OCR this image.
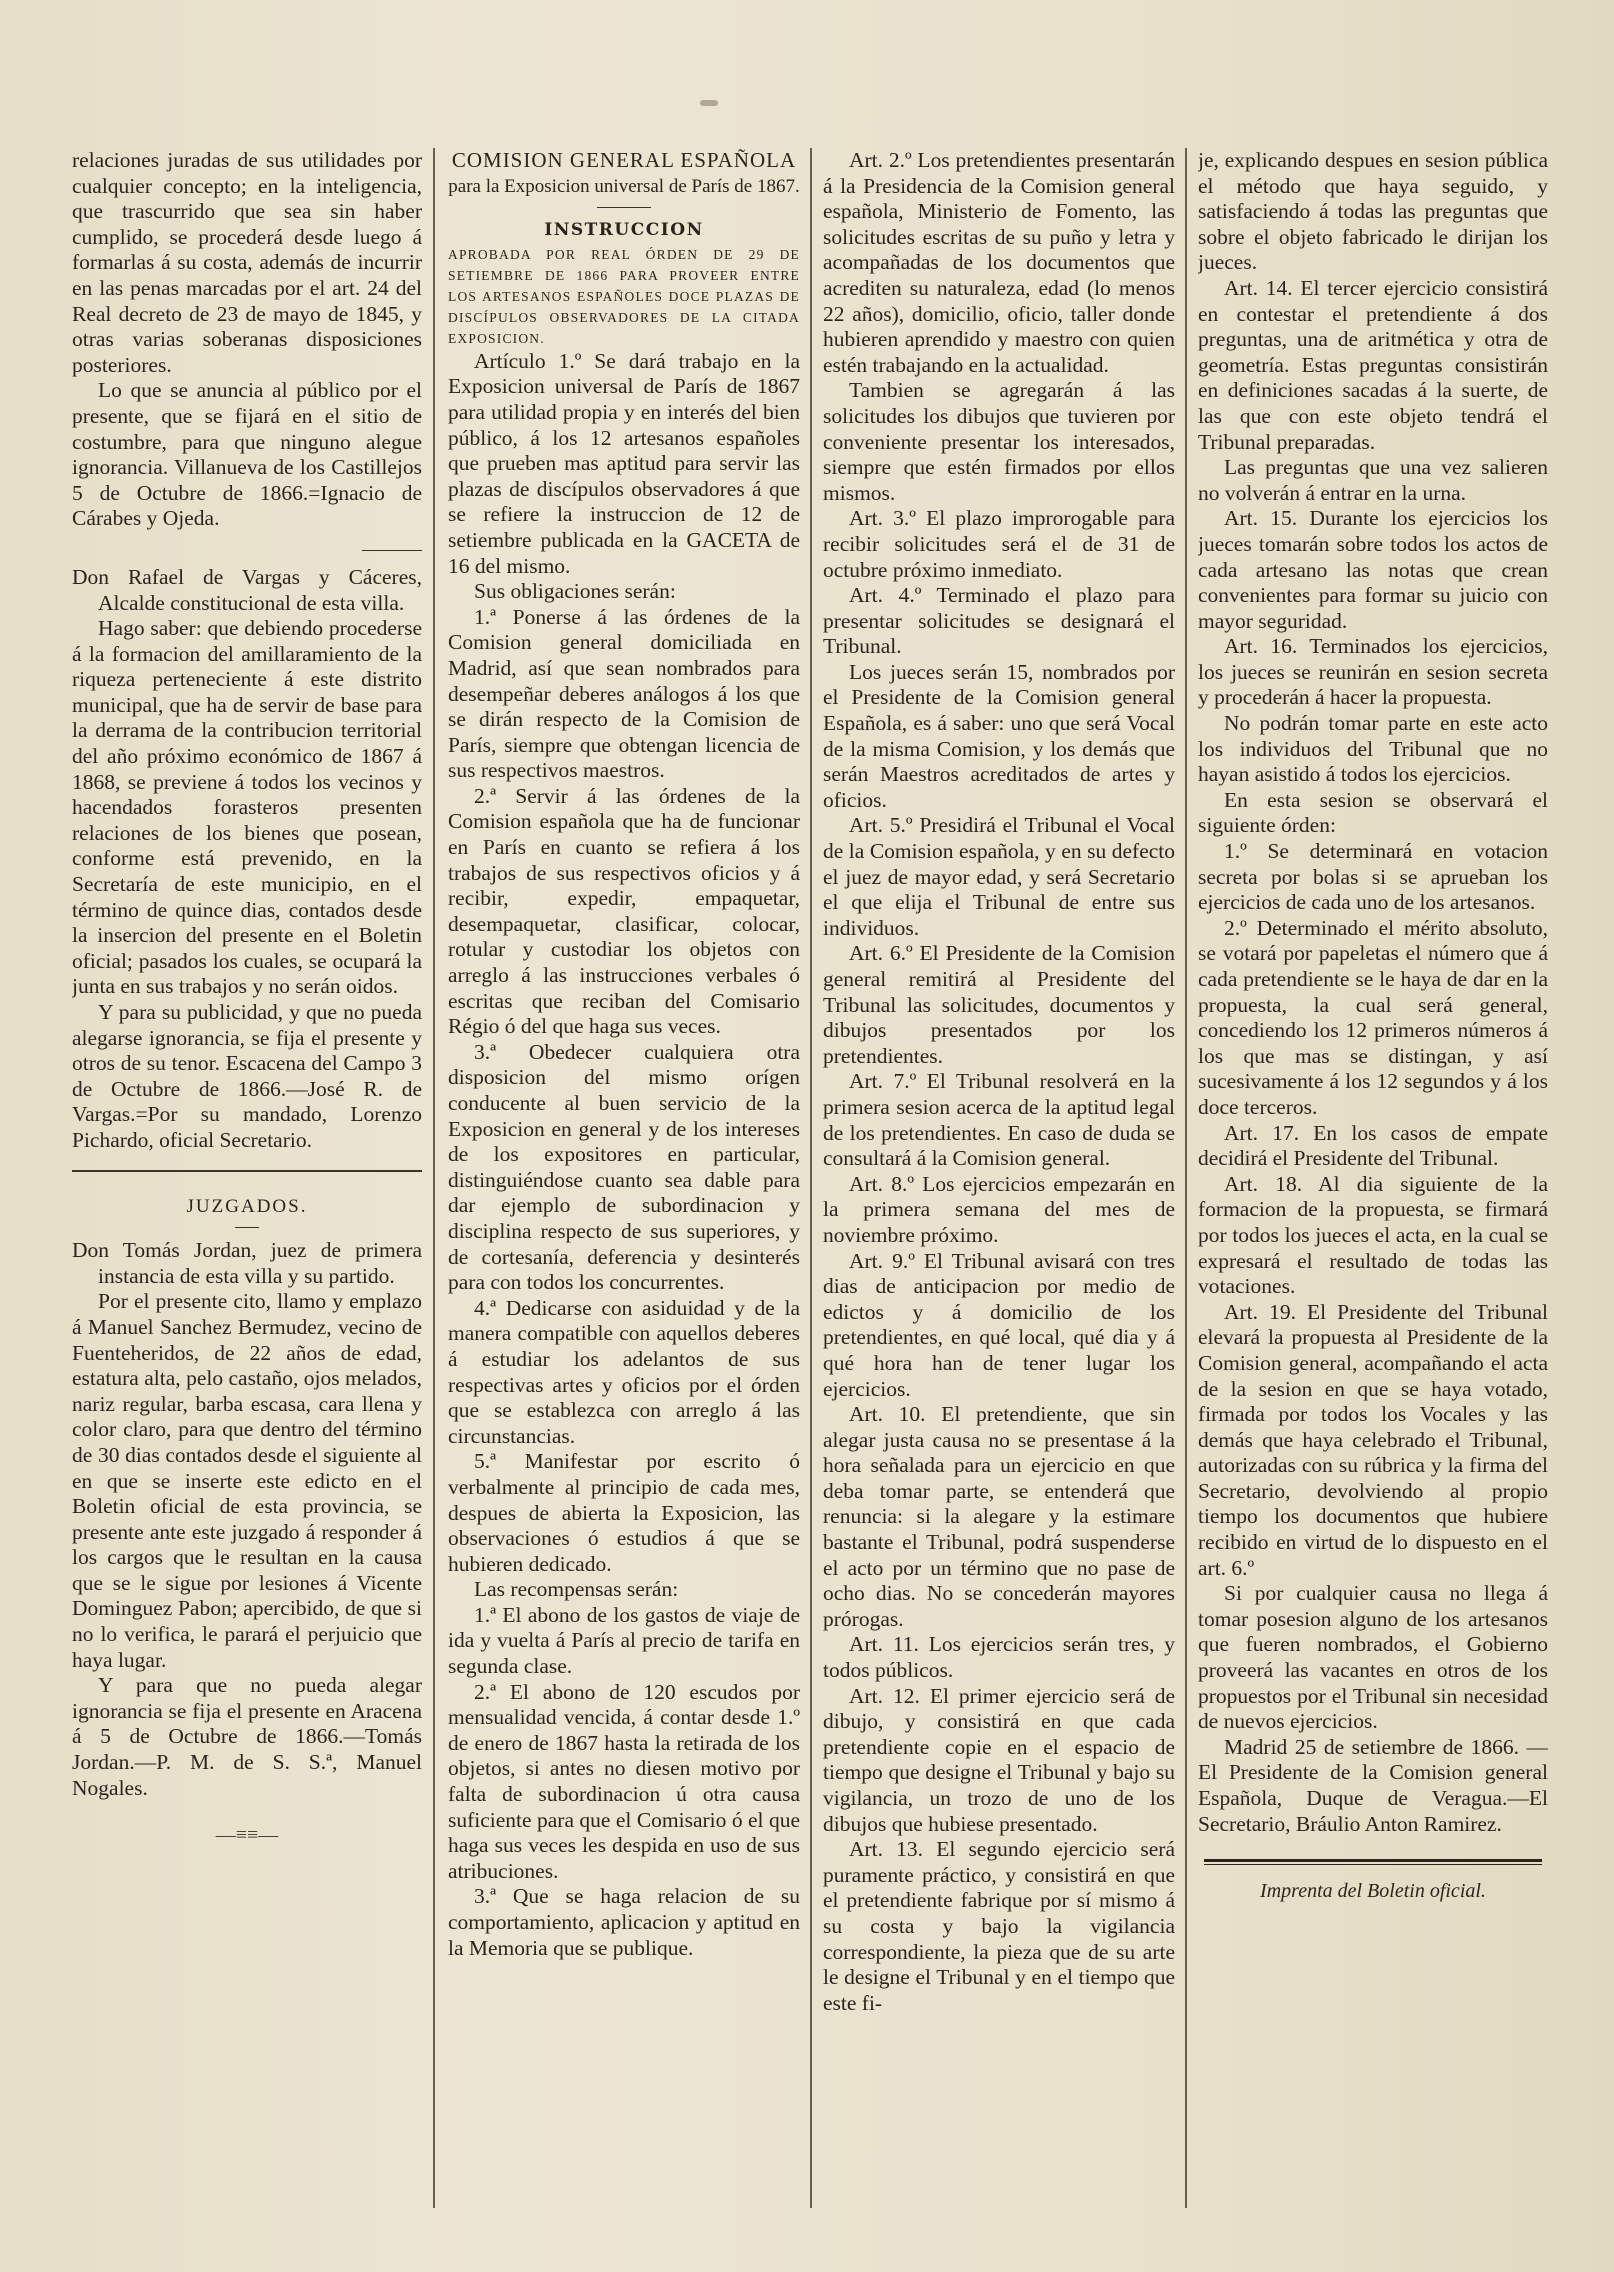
relaciones juradas de sus utilidades por cualquier concepto; en la inteligencia, que trascurrido que sea sin haber cumplido, se procederá desde luego á formarlas á su costa, además de incurrir en las penas marcadas por el art. 24 del Real decreto de 23 de mayo de 1845, y otras varias soberanas disposiciones posteriores.

Lo que se anuncia al público por el presente, que se fijará en el sitio de costumbre, para que ninguno alegue ignorancia. Villanueva de los Castillejos 5 de Octubre de 1866.=Ignacio de Cárabes y Ojeda.

Don Rafael de Vargas y Cáceres, Alcalde constitucional de esta villa.

Hago saber: que debiendo procederse á la formacion del amillaramiento de la riqueza perteneciente á este distrito municipal, que ha de servir de base para la derrama de la contribucion territorial del año próximo económico de 1867 á 1868, se previene á todos los vecinos y hacendados forasteros presenten relaciones de los bienes que posean, conforme está prevenido, en la Secretaría de este municipio, en el término de quince dias, contados desde la insercion del presente en el Boletin oficial; pasados los cuales, se ocupará la junta en sus trabajos y no serán oidos.

Y para su publicidad, y que no pueda alegarse ignorancia, se fija el presente y otros de su tenor. Escacena del Campo 3 de Octubre de 1866.—José R. de Vargas.=Por su mandado, Lorenzo Pichardo, oficial Secretario.

JUZGADOS.

Don Tomás Jordan, juez de primera instancia de esta villa y su partido.

Por el presente cito, llamo y emplazo á Manuel Sanchez Bermudez, vecino de Fuenteheridos, de 22 años de edad, estatura alta, pelo castaño, ojos melados, nariz regular, barba escasa, cara llena y color claro, para que dentro del término de 30 dias contados desde el siguiente al en que se inserte este edicto en el Boletin oficial de esta provincia, se presente ante este juzgado á responder á los cargos que le resultan en la causa que se le sigue por lesiones á Vicente Dominguez Pabon; apercibido, de que si no lo verifica, le parará el perjuicio que haya lugar.

Y para que no pueda alegar ignorancia se fija el presente en Aracena á 5 de Octubre de 1866.—Tomás Jordan.—P. M. de S. S.ª, Manuel Nogales.

—≡≡—

COMISION GENERAL ESPAÑOLA

para la Exposicion universal de París de 1867.

INSTRUCCION

APROBADA POR REAL ÓRDEN DE 29 DE SETIEMBRE DE 1866 PARA PROVEER ENTRE LOS ARTESANOS ESPAÑOLES DOCE PLAZAS DE DISCÍPULOS OBSERVADORES DE LA CITADA EXPOSICION.

Artículo 1.º Se dará trabajo en la Exposicion universal de París de 1867 para utilidad propia y en interés del bien público, á los 12 artesanos españoles que prueben mas aptitud para servir las plazas de discípulos observadores á que se refiere la instruccion de 12 de setiembre publicada en la GACETA de 16 del mismo.

Sus obligaciones serán:

1.ª Ponerse á las órdenes de la Comision general domiciliada en Madrid, así que sean nombrados para desempeñar deberes análogos á los que se dirán respecto de la Comision de París, siempre que obtengan licencia de sus respectivos maestros.

2.ª Servir á las órdenes de la Comision española que ha de funcionar en París en cuanto se refiera á los trabajos de sus respectivos oficios y á recibir, expedir, empaquetar, desempaquetar, clasificar, colocar, rotular y custodiar los objetos con arreglo á las instrucciones verbales ó escritas que reciban del Comisario Régio ó del que haga sus veces.

3.ª Obedecer cualquiera otra disposicion del mismo orígen conducente al buen servicio de la Exposicion en general y de los intereses de los expositores en particular, distinguiéndose cuanto sea dable para dar ejemplo de subordinacion y disciplina respecto de sus superiores, y de cortesanía, deferencia y desinterés para con todos los concurrentes.

4.ª Dedicarse con asiduidad y de la manera compatible con aquellos deberes á estudiar los adelantos de sus respectivas artes y oficios por el órden que se establezca con arreglo á las circunstancias.

5.ª Manifestar por escrito ó verbalmente al principio de cada mes, despues de abierta la Exposicion, las observaciones ó estudios á que se hubieren dedicado.

Las recompensas serán:

1.ª El abono de los gastos de viaje de ida y vuelta á París al precio de tarifa en segunda clase.

2.ª El abono de 120 escudos por mensualidad vencida, á contar desde 1.º de enero de 1867 hasta la retirada de los objetos, si antes no diesen motivo por falta de subordinacion ú otra causa suficiente para que el Comisario ó el que haga sus veces les despida en uso de sus atribuciones.

3.ª Que se haga relacion de su comportamiento, aplicacion y aptitud en la Memoria que se publique.

Art. 2.º Los pretendientes presentarán á la Presidencia de la Comision general española, Ministerio de Fomento, las solicitudes escritas de su puño y letra y acompañadas de los documentos que acrediten su naturaleza, edad (lo menos 22 años), domicilio, oficio, taller donde hubieren aprendido y maestro con quien estén trabajando en la actualidad.

Tambien se agregarán á las solicitudes los dibujos que tuvieren por conveniente presentar los interesados, siempre que estén firmados por ellos mismos.

Art. 3.º El plazo improrogable para recibir solicitudes será el de 31 de octubre próximo inmediato.

Art. 4.º Terminado el plazo para presentar solicitudes se designará el Tribunal.

Los jueces serán 15, nombrados por el Presidente de la Comision general Española, es á saber: uno que será Vocal de la misma Comision, y los demás que serán Maestros acreditados de artes y oficios.

Art. 5.º Presidirá el Tribunal el Vocal de la Comision española, y en su defecto el juez de mayor edad, y será Secretario el que elija el Tribunal de entre sus individuos.

Art. 6.º El Presidente de la Comision general remitirá al Presidente del Tribunal las solicitudes, documentos y dibujos presentados por los pretendientes.

Art. 7.º El Tribunal resolverá en la primera sesion acerca de la aptitud legal de los pretendientes. En caso de duda se consultará á la Comision general.

Art. 8.º Los ejercicios empezarán en la primera semana del mes de noviembre próximo.

Art. 9.º El Tribunal avisará con tres dias de anticipacion por medio de edictos y á domicilio de los pretendientes, en qué local, qué dia y á qué hora han de tener lugar los ejercicios.

Art. 10. El pretendiente, que sin alegar justa causa no se presentase á la hora señalada para un ejercicio en que deba tomar parte, se entenderá que renuncia: si la alegare y la estimare bastante el Tribunal, podrá suspenderse el acto por un término que no pase de ocho dias. No se concederán mayores prórogas.

Art. 11. Los ejercicios serán tres, y todos públicos.

Art. 12. El primer ejercicio será de dibujo, y consistirá en que cada pretendiente copie en el espacio de tiempo que designe el Tribunal y bajo su vigilancia, un trozo de uno de los dibujos que hubiese presentado.

Art. 13. El segundo ejercicio será puramente práctico, y consistirá en que el pretendiente fabrique por sí mismo á su costa y bajo la vigilancia correspondiente, la pieza que de su arte le designe el Tribunal y en el tiempo que este fi-

je, explicando despues en sesion pública el método que haya seguido, y satisfaciendo á todas las preguntas que sobre el objeto fabricado le dirijan los jueces.

Art. 14. El tercer ejercicio consistirá en contestar el pretendiente á dos preguntas, una de aritmética y otra de geometría. Estas preguntas consistirán en definiciones sacadas á la suerte, de las que con este objeto tendrá el Tribunal preparadas.

Las preguntas que una vez salieren no volverán á entrar en la urna.

Art. 15. Durante los ejercicios los jueces tomarán sobre todos los actos de cada artesano las notas que crean convenientes para formar su juicio con mayor seguridad.

Art. 16. Terminados los ejercicios, los jueces se reunirán en sesion secreta y procederán á hacer la propuesta.

No podrán tomar parte en este acto los individuos del Tribunal que no hayan asistido á todos los ejercicios.

En esta sesion se observará el siguiente órden:

1.º Se determinará en votacion secreta por bolas si se aprueban los ejercicios de cada uno de los artesanos.

2.º Determinado el mérito absoluto, se votará por papeletas el número que á cada pretendiente se le haya de dar en la propuesta, la cual será general, concediendo los 12 primeros números á los que mas se distingan, y así sucesivamente á los 12 segundos y á los doce terceros.

Art. 17. En los casos de empate decidirá el Presidente del Tribunal.

Art. 18. Al dia siguiente de la formacion de la propuesta, se firmará por todos los jueces el acta, en la cual se expresará el resultado de todas las votaciones.

Art. 19. El Presidente del Tribunal elevará la propuesta al Presidente de la Comision general, acompañando el acta de la sesion en que se haya votado, firmada por todos los Vocales y las demás que haya celebrado el Tribunal, autorizadas con su rúbrica y la firma del Secretario, devolviendo al propio tiempo los documentos que hubiere recibido en virtud de lo dispuesto en el art. 6.º

Si por cualquier causa no llega á tomar posesion alguno de los artesanos que fueren nombrados, el Gobierno proveerá las vacantes en otros de los propuestos por el Tribunal sin necesidad de nuevos ejercicios.

Madrid 25 de setiembre de 1866. —El Presidente de la Comision general Española, Duque de Veragua.—El Secretario, Bráulio Anton Ramirez.

Imprenta del Boletin oficial.
